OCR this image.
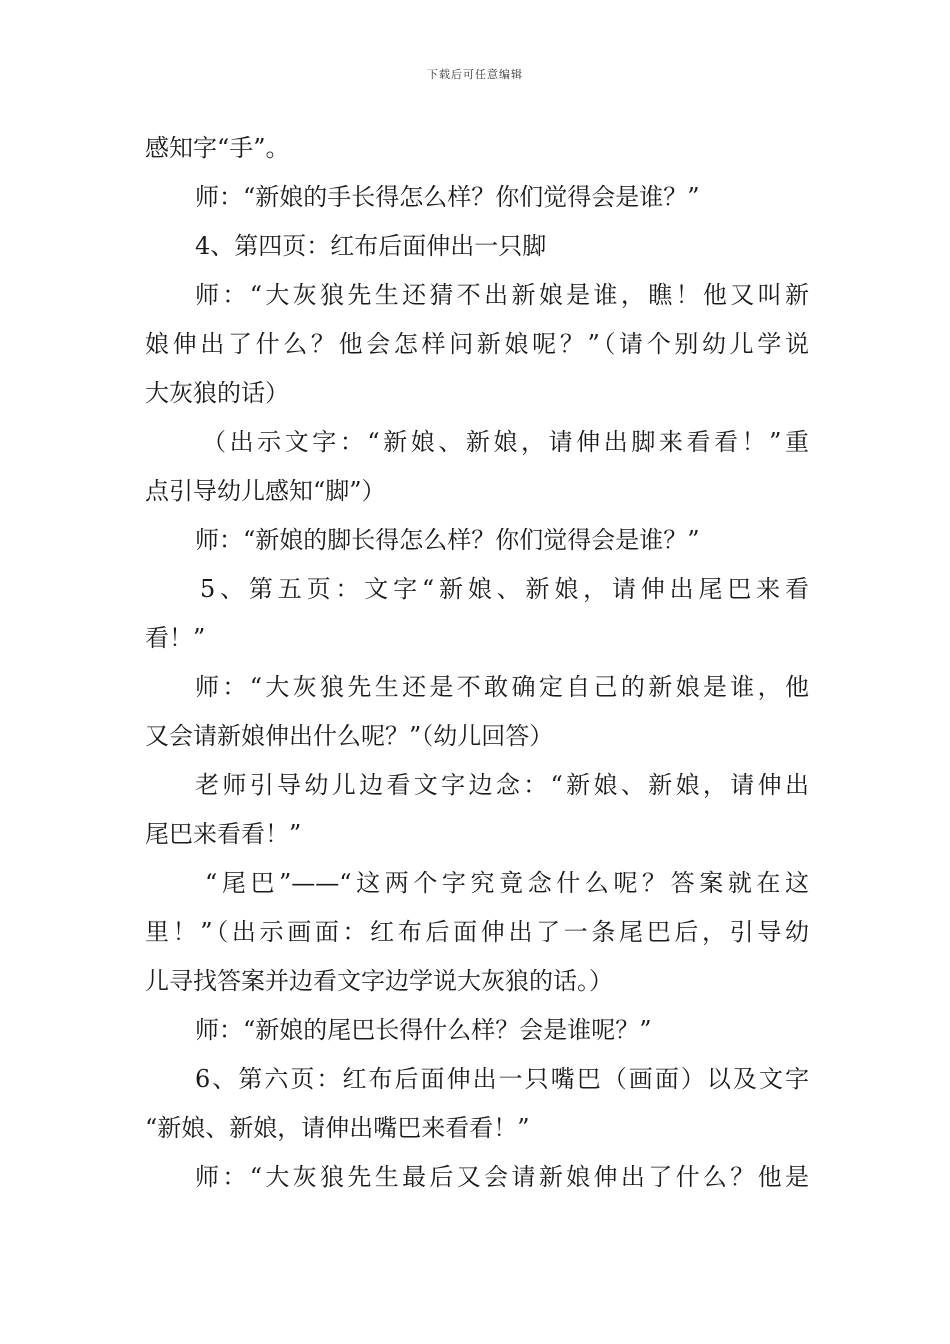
下载后可任意编辑
感知字“手”。
师：“新娘的手长得怎么样？你们觉得会是谁？”
4、第四页：红布后面伸出一只脚
师：“大灰狼先生还猜不出新娘是谁，瞧！他又叫新
娘伸出了什么？他会怎样问新娘呢？”（请个别幼儿学说
大灰狼的话）
（出示文字：“新娘、新娘，请伸出脚来看看！”重
点引导幼儿感知“脚”）
师：“新娘的脚长得怎么样？你们觉得会是谁？”
5、第五页：文字“新娘、新娘，请伸出尾巴来看
看！”
师：“大灰狼先生还是不敢确定自己的新娘是谁，他
又会请新娘伸出什么呢？”（幼儿回答）
老师引导幼儿边看文字边念：“新娘、新娘，请伸出
尾巴来看看！”
“尾巴”——“这两个字究竟念什么呢？答案就在这
里！”（出示画面：红布后面伸出了一条尾巴后，引导幼
儿寻找答案并边看文字边学说大灰狼的话。）
师：“新娘的尾巴长得什么样？会是谁呢？”
6、第六页：红布后面伸出一只嘴巴（画面）以及文字
“新娘、新娘，请伸出嘴巴来看看！”
师：“大灰狼先生最后又会请新娘伸出了什么？他是
